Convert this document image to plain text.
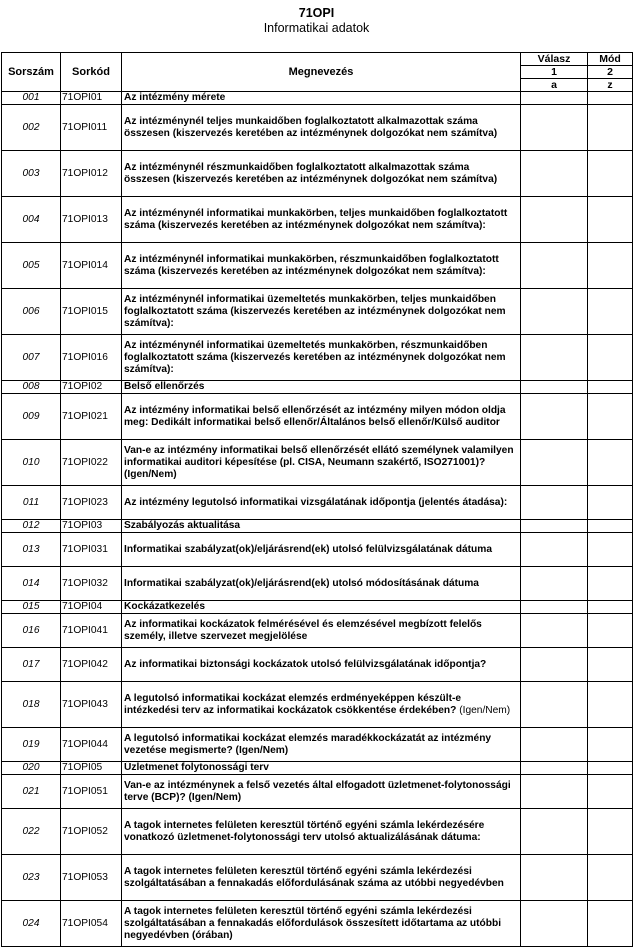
71OPI
Informatikai adatok
Sorszám	Sorkód	Megnevezés	Válasz	Mód
			1	2
			a	z
001	71OPI01	Az intézmény mérete		
002	71OPI011	Az intézménynél teljes munkaidőben foglalkoztatott alkalmazottak száma összesen (kiszervezés keretében az intézménynek dolgozókat nem számítva)		
003	71OPI012	Az intézménynél részmunkaidőben foglalkoztatott alkalmazottak száma összesen (kiszervezés keretében az intézménynek dolgozókat nem számítva)		
004	71OPI013	Az intézménynél informatikai munkakörben, teljes munkaidőben foglalkoztatott száma (kiszervezés keretében az intézménynek dolgozókat nem számítva):		
005	71OPI014	Az intézménynél informatikai munkakörben, részmunkaidőben foglalkoztatott száma (kiszervezés keretében az intézménynek dolgozókat nem számítva):		
006	71OPI015	Az intézménynél informatikai üzemeltetés munkakörben, teljes munkaidőben foglalkoztatott száma (kiszervezés keretében az intézménynek dolgozókat nem számítva):		
007	71OPI016	Az intézménynél informatikai üzemeltetés munkakörben, részmunkaidőben foglalkoztatott száma (kiszervezés keretében az intézménynek dolgozókat nem számítva):		
008	71OPI02	Belső ellenőrzés		
009	71OPI021	Az intézmény informatikai belső ellenőrzését az intézmény milyen módon oldja meg: Dedikált informatikai belső ellenőr/Általános belső ellenőr/Külső auditor		
010	71OPI022	Van-e az intézmény informatikai belső ellenőrzését ellátó személynek valamilyen informatikai auditori képesítése (pl. CISA, Neumann szakértő, ISO271001)? (Igen/Nem)		
011	71OPI023	Az intézmény legutolsó informatikai vizsgálatának időpontja (jelentés átadása):		
012	71OPI03	Szabályozás aktualitása		
013	71OPI031	Informatikai szabályzat(ok)/eljárásrend(ek) utolsó felülvizsgálatának dátuma		
014	71OPI032	Informatikai szabályzat(ok)/eljárásrend(ek) utolsó módosításának dátuma		
015	71OPI04	Kockázatkezelés		
016	71OPI041	Az informatikai kockázatok felmérésével és elemzésével megbízott felelős személy, illetve szervezet megjelölése		
017	71OPI042	Az informatikai biztonsági kockázatok utolsó felülvizsgálatának időpontja?		
018	71OPI043	A legutolsó informatikai kockázat elemzés erdményeképpen készült-e intézkedési terv az informatikai kockázatok csökkentése érdekében? (Igen/Nem)		
019	71OPI044	A legutolsó informatikai kockázat elemzés maradékkockázatát az intézmény vezetése megismerte? (Igen/Nem)		
020	71OPI05	Üzletmenet folytonossági terv		
021	71OPI051	Van-e az intézménynek a felső vezetés által elfogadott üzletmenet-folytonossági terve (BCP)? (Igen/Nem)		
022	71OPI052	A tagok internetes felületen keresztül történő egyéni számla lekérdezésére vonatkozó üzletmenet-folytonossági terv utolsó aktualizálásának dátuma:		
023	71OPI053	A tagok internetes felületen keresztül történő egyéni számla lekérdezési szolgáltatásában a fennakadás előfordulásának száma az utóbbi negyedévben		
024	71OPI054	A tagok internetes felületen keresztül történő egyéni számla lekérdezési szolgáltatásában a fennakadás előfordulások összesített időtartama az utóbbi negyedévben (órában)		
